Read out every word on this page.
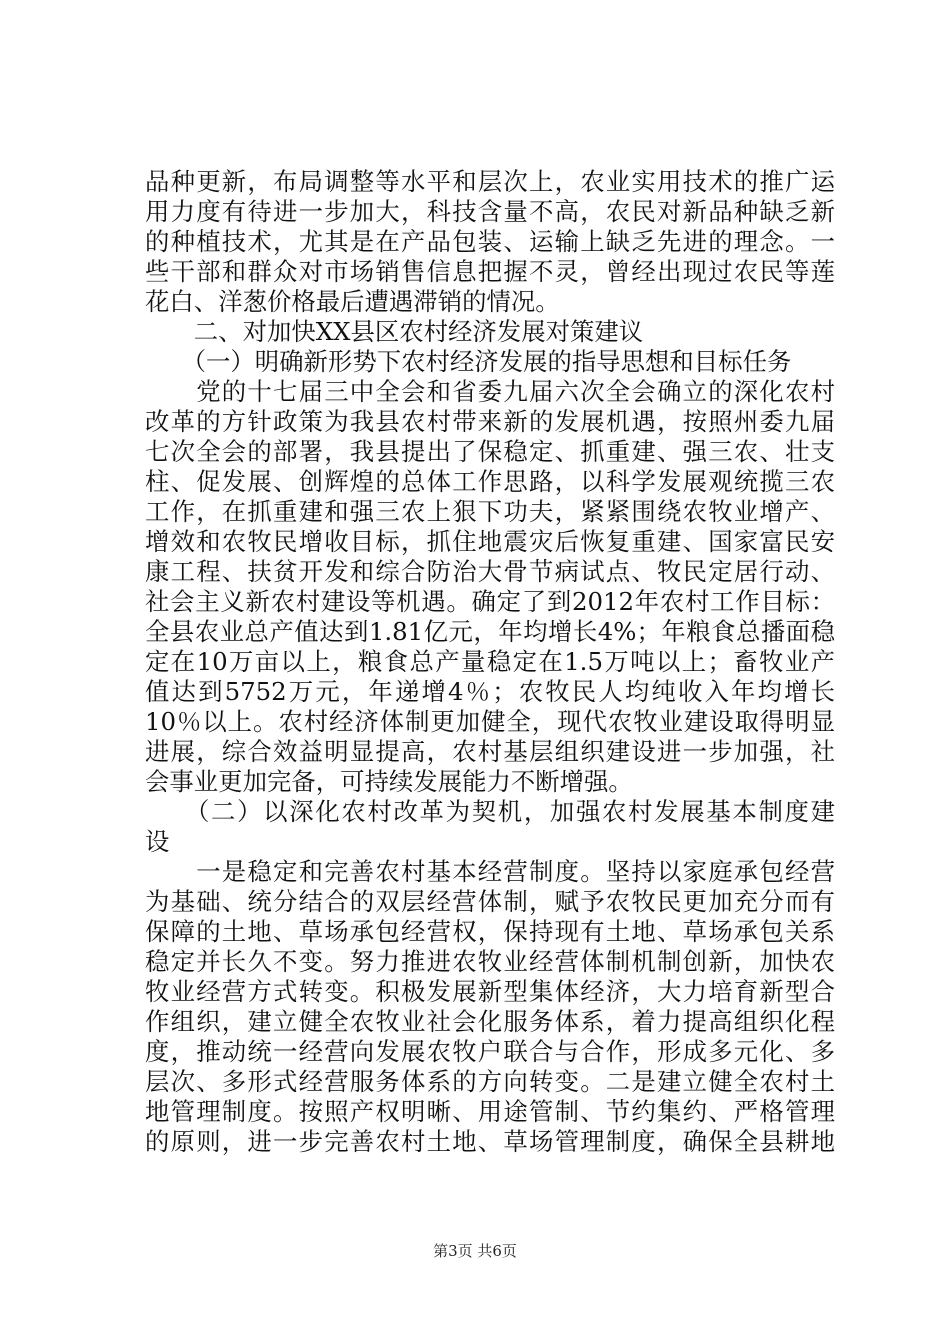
品种更新，布局调整等水平和层次上，农业实用技术的推广运
用力度有待进一步加大，科技含量不高，农民对新品种缺乏新
的种植技术，尤其是在产品包装、运输上缺乏先进的理念。一
些干部和群众对市场销售信息把握不灵，曾经出现过农民等莲
花白、洋葱价格最后遭遇滞销的情况。
　　二、对加快XX县区农村经济发展对策建议
　　（一）明确新形势下农村经济发展的指导思想和目标任务
　　党的十七届三中全会和省委九届六次全会确立的深化农村
改革的方针政策为我县农村带来新的发展机遇，按照州委九届
七次全会的部署，我县提出了保稳定、抓重建、强三农、壮支
柱、促发展、创辉煌的总体工作思路，以科学发展观统揽三农
工作，在抓重建和强三农上狠下功夫，紧紧围绕农牧业增产、
增效和农牧民增收目标，抓住地震灾后恢复重建、国家富民安
康工程、扶贫开发和综合防治大骨节病试点、牧民定居行动、
社会主义新农村建设等机遇。确定了到2012年农村工作目标：
全县农业总产值达到1.81亿元，年均增长4%；年粮食总播面稳
定在10万亩以上，粮食总产量稳定在1.5万吨以上；畜牧业产
值达到5752万元，年递增4％；农牧民人均纯收入年均增长
10％以上。农村经济体制更加健全，现代农牧业建设取得明显
进展，综合效益明显提高，农村基层组织建设进一步加强，社
会事业更加完备，可持续发展能力不断增强。
　　（二）以深化农村改革为契机，加强农村发展基本制度建
设
　　一是稳定和完善农村基本经营制度。坚持以家庭承包经营
为基础、统分结合的双层经营体制，赋予农牧民更加充分而有
保障的土地、草场承包经营权，保持现有土地、草场承包关系
稳定并长久不变。努力推进农牧业经营体制机制创新，加快农
牧业经营方式转变。积极发展新型集体经济，大力培育新型合
作组织，建立健全农牧业社会化服务体系，着力提高组织化程
度，推动统一经营向发展农牧户联合与合作，形成多元化、多
层次、多形式经营服务体系的方向转变。二是建立健全农村土
地管理制度。按照产权明晰、用途管制、节约集约、严格管理
的原则，进一步完善农村土地、草场管理制度，确保全县耕地
第3页 共6页
